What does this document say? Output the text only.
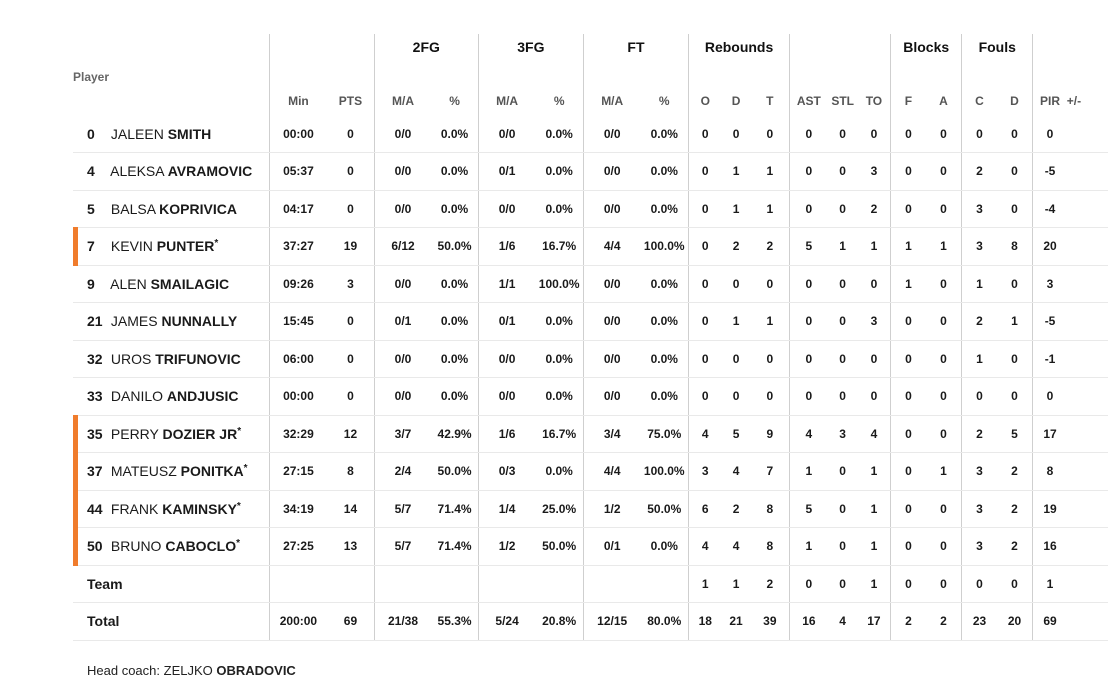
			2FG		3FG		FT		Rebounds						Blocks		Fouls			
Player	Min	PTS	M/A	%	M/A	%	M/A	%	O	D	T	AST	STL	TO	F	A	C	D	PIR	+/-
0 JALEEN SMITH	00:00	0	0/0	0.0%	0/0	0.0%	0/0	0.0%	0	0	0	0	0	0	0	0	0	0	0	
4 ALEKSA AVRAMOVIC	05:37	0	0/0	0.0%	0/1	0.0%	0/0	0.0%	0	1	1	0	0	3	0	0	2	0	-5	
5 BALSA KOPRIVICA	04:17	0	0/0	0.0%	0/0	0.0%	0/0	0.0%	0	1	1	0	0	2	0	0	3	0	-4	

7 KEVIN PUNTER*	37:27	19	6/12	50.0%	1/6	16.7%	4/4	100.0%	0	2	2	5	1	1	1	1	3	8	20	
9 ALEN SMAILAGIC	09:26	3	0/0	0.0%	1/1	100.0%	0/0	0.0%	0	0	0	0	0	0	1	0	1	0	3	
21 JAMES NUNNALLY	15:45	0	0/1	0.0%	0/1	0.0%	0/0	0.0%	0	1	1	0	0	3	0	0	2	1	-5	
32 UROS TRIFUNOVIC	06:00	0	0/0	0.0%	0/0	0.0%	0/0	0.0%	0	0	0	0	0	0	0	0	1	0	-1	
33 DANILO ANDJUSIC	00:00	0	0/0	0.0%	0/0	0.0%	0/0	0.0%	0	0	0	0	0	0	0	0	0	0	0	

35 PERRY DOZIER JR*	32:29	12	3/7	42.9%	1/6	16.7%	3/4	75.0%	4	5	9	4	3	4	0	0	2	5	17	

37 MATEUSZ PONITKA*	27:15	8	2/4	50.0%	0/3	0.0%	4/4	100.0%	3	4	7	1	0	1	0	1	3	2	8	

44 FRANK KAMINSKY*	34:19	14	5/7	71.4%	1/4	25.0%	1/2	50.0%	6	2	8	5	0	1	0	0	3	2	19	

50 BRUNO CABOCLO*	27:25	13	5/7	71.4%	1/2	50.0%	0/1	0.0%	4	4	8	1	0	1	0	0	3	2	16	
Team									1	1	2	0	0	1	0	0	0	0	1	
Total	200:00	69	21/38	55.3%	5/24	20.8%	12/15	80.0%	18	21	39	16	4	17	2	2	23	20	69	
Head coach: ZELJKO OBRADOVIC
